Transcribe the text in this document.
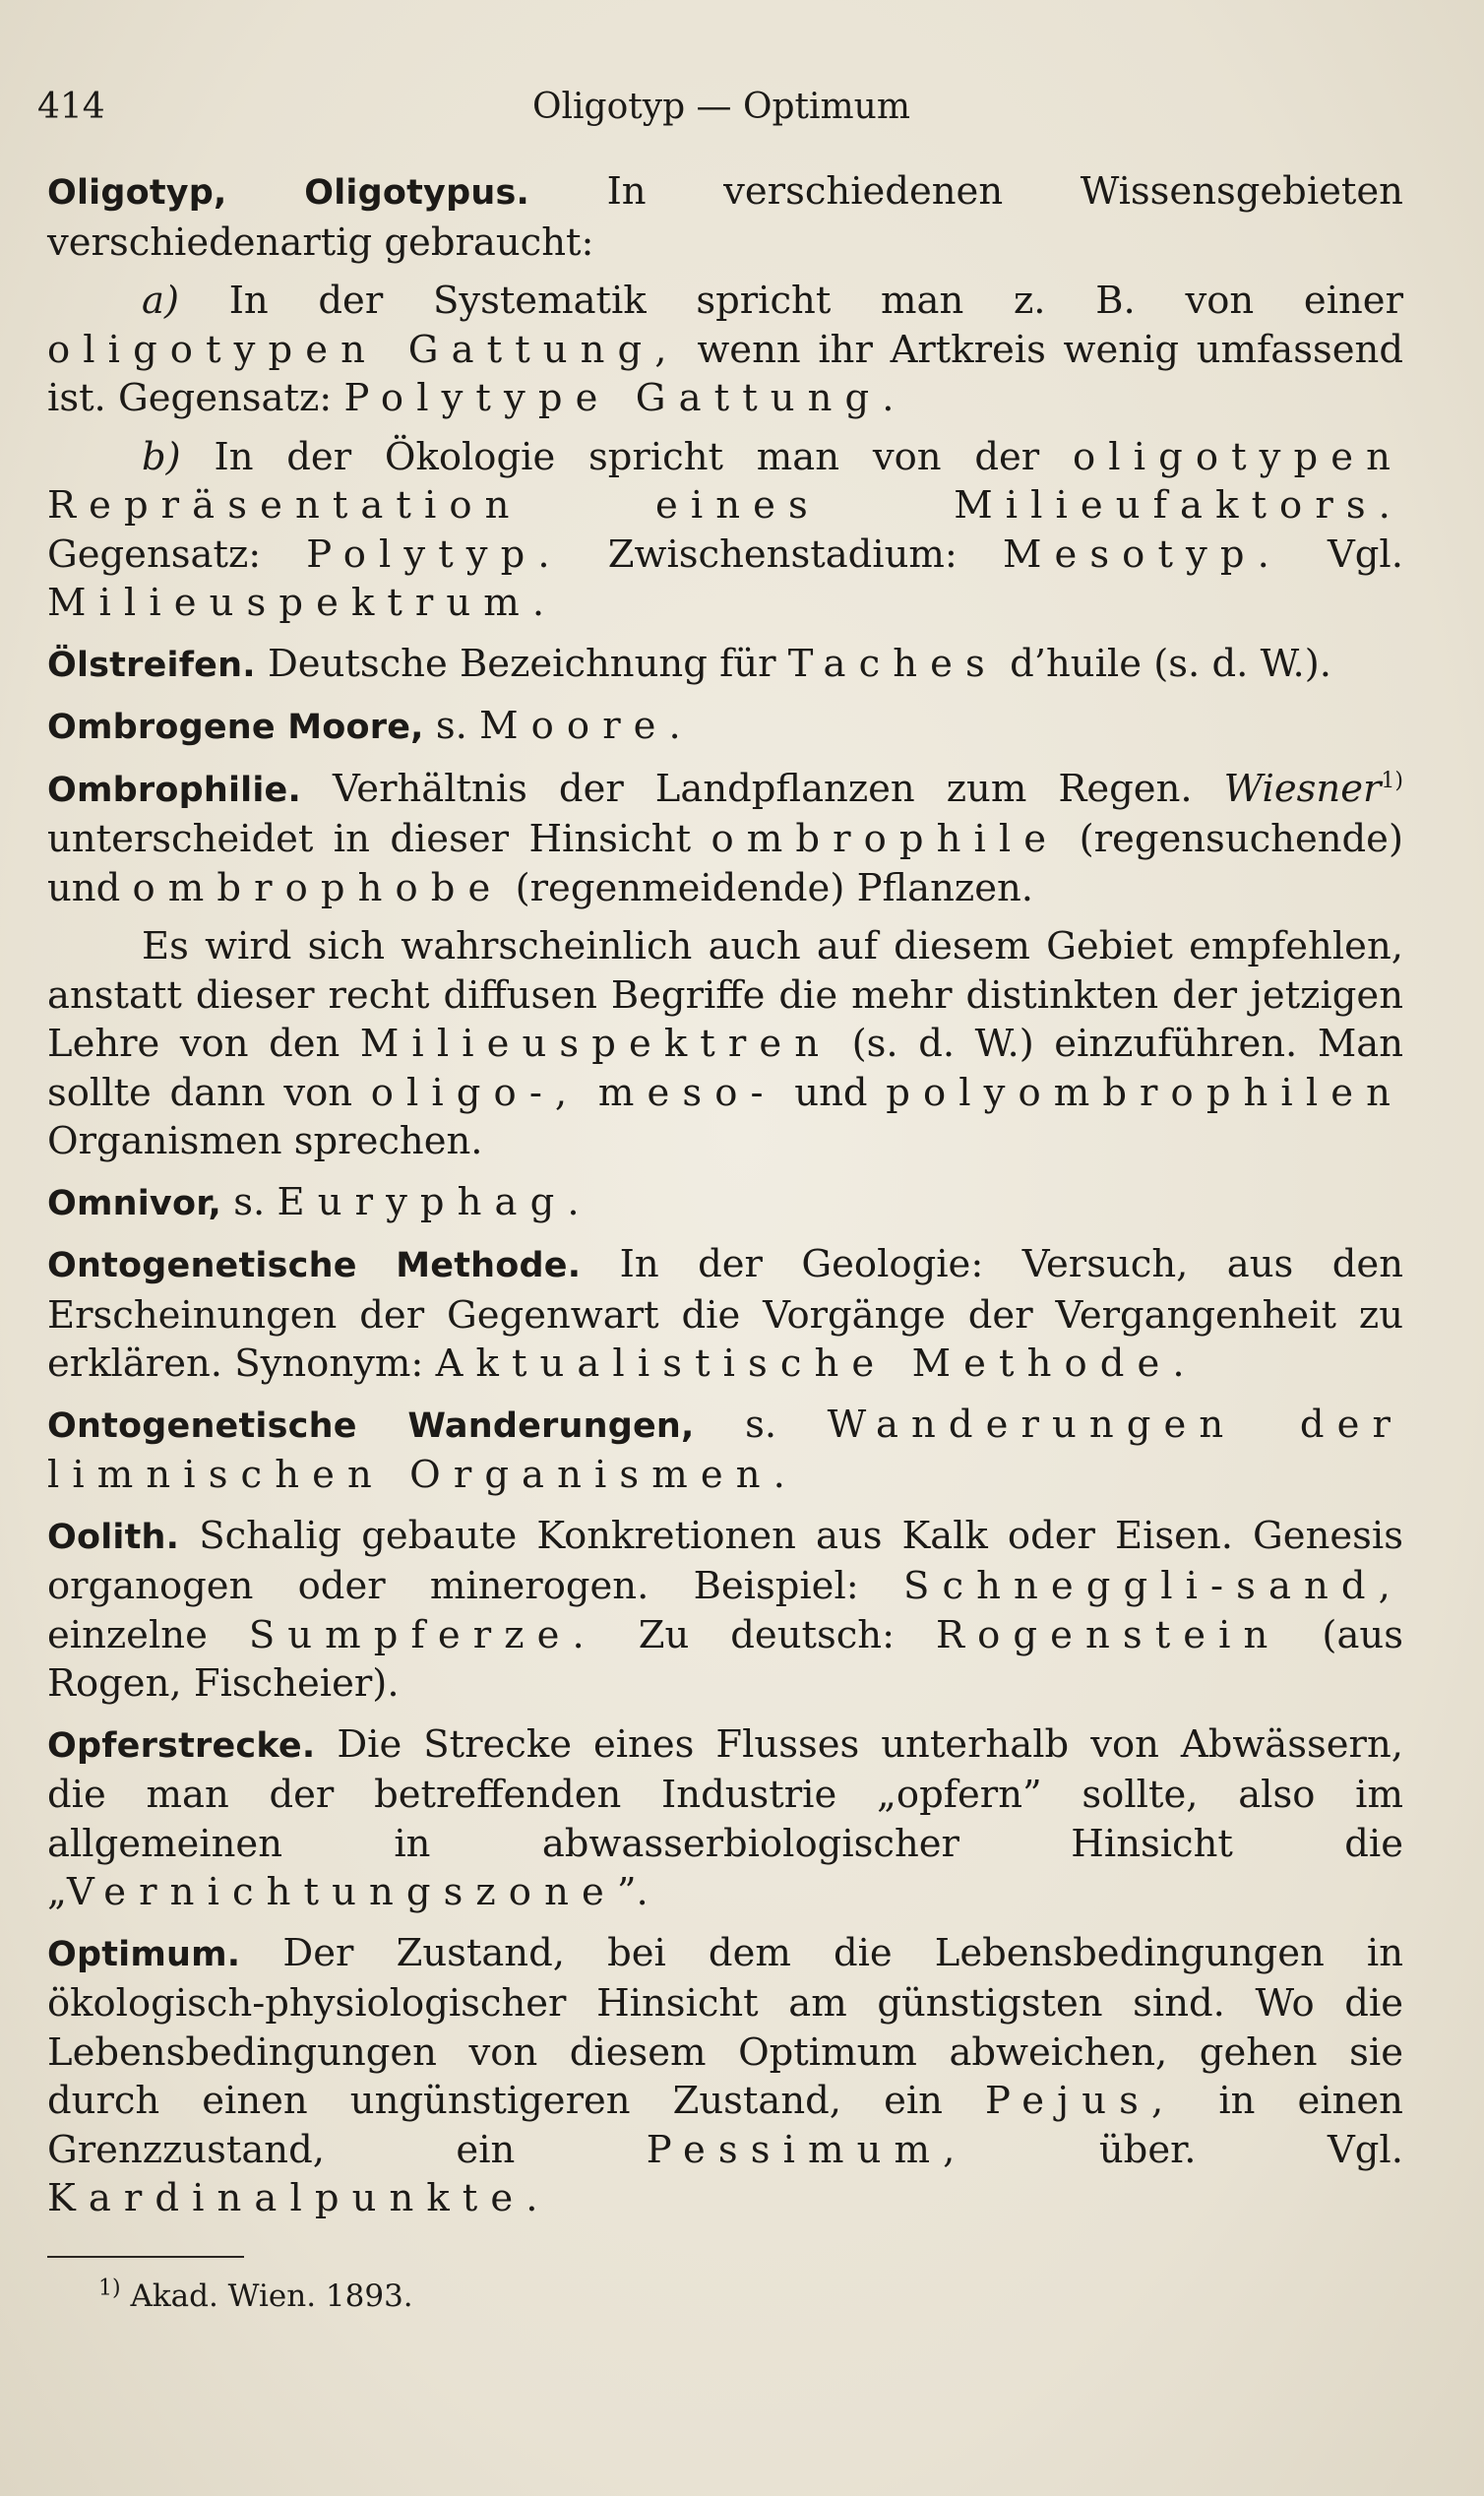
414	Oligotyp — Optimum

Oligotyp, Oligotypus. In verschiedenen Wissensgebieten verschiedenartig gebraucht:

a) In der Systematik spricht man z. B. von einer oligotypen Gattung, wenn ihr Artkreis wenig umfassend ist. Gegensatz: Polytype Gattung.

b) In der Ökologie spricht man von der oligotypen Repräsentation eines Milieufaktors. Gegensatz: Polytyp. Zwischenstadium: Mesotyp. Vgl. Milieuspektrum.

Ölstreifen. Deutsche Bezeichnung für Taches d’huile (s. d. W.).

Ombrogene Moore, s. Moore.

Ombrophilie. Verhältnis der Landpflanzen zum Regen. Wiesner$^{1)}$ unterscheidet in dieser Hinsicht ombrophile (regensuchende) und ombrophobe (regenmeidende) Pflanzen.

Es wird sich wahrscheinlich auch auf diesem Gebiet empfehlen, anstatt dieser recht diffusen Begriffe die mehr distinkten der jetzigen Lehre von den Milieuspektren (s. d. W.) einzuführen. Man sollte dann von oligo-, meso- und polyombrophilen Organismen sprechen.

Omnivor, s. Euryphag.

Ontogenetische Methode. In der Geologie: Versuch, aus den Erscheinungen der Gegenwart die Vorgänge der Vergangenheit zu erklären. Synonym: Aktualistische Methode.

Ontogenetische Wanderungen, s. Wanderungen der limnischen Organismen.

Oolith. Schalig gebaute Konkretionen aus Kalk oder Eisen. Genesis organogen oder minerogen. Beispiel: Schneggli-sand, einzelne Sumpferze. Zu deutsch: Rogenstein (aus Rogen, Fischeier).

Opferstrecke. Die Strecke eines Flusses unterhalb von Abwässern, die man der betreffenden Industrie „opfern” sollte, also im allgemeinen in abwasserbiologischer Hinsicht die „Vernichtungszone”.

Optimum. Der Zustand, bei dem die Lebensbedingungen in ökologisch-physiologischer Hinsicht am günstigsten sind. Wo die Lebensbedingungen von diesem Optimum abweichen, gehen sie durch einen ungünstigeren Zustand, ein Pejus, in einen Grenzzustand, ein	Pessimum,	über. Vgl. Kardinalpunkte.

$^{1)}$ Akad. Wien. 1893.
